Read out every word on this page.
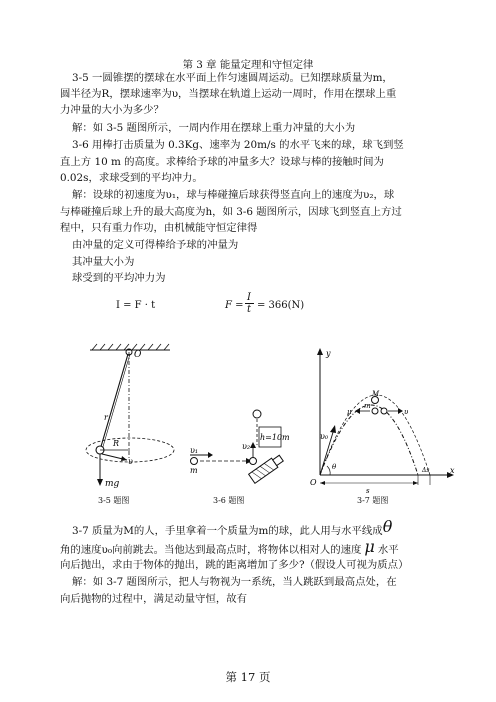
第 3 章 能量定理和守恒定律
3-5 一圆锥摆的摆球在水平面上作匀速圆周运动。已知摆球质量为m，
圆半径为R，摆球速率为υ，当摆球在轨道上运动一周时，作用在摆球上重
力冲量的大小为多少？
解：如 3-5 题图所示，一周内作用在摆球上重力冲量的大小为
3-6 用棒打击质量为 0.3Kg、速率为 20m/s 的水平飞来的球，球飞到竖
直上方 10 m 的高度。求棒给予球的冲量多大？设球与棒的接触时间为
0.02s，求球受到的平均冲力。
解：设球的初速度为υ₁，球与棒碰撞后球获得竖直向上的速度为υ₂，球
与棒碰撞后球上升的最大高度为h，如 3-6 题图所示，因球飞到竖直上方过
程中，只有重力作功，由机械能守恒定律得
由冲量的定义可得棒给予球的冲量为
其冲量大小为
球受到的平均冲力为
I = F · t	F =
I
t = 366(N)
O
r
R
υ
mg
3-5 题图
h=10m
υ₁
m
υ₂
3-6 题图
y
x
O
υ₀
θ
M
m
μ	υ
s
Δs
3-7 题图
3-7 质量为M的人，手里拿着一个质量为m的球，此人用与水平线成θ
角的速度υ₀向前跳去。当他达到最高点时，将物体以相对人的速度 μ 水平
向后抛出，求由于物体的抛出，跳的距离增加了多少?（假设人可视为质点）
解：如 3-7 题图所示，把人与物视为一系统，当人跳跃到最高点处，在
向后抛物的过程中，满足动量守恒，故有
第 17 页
